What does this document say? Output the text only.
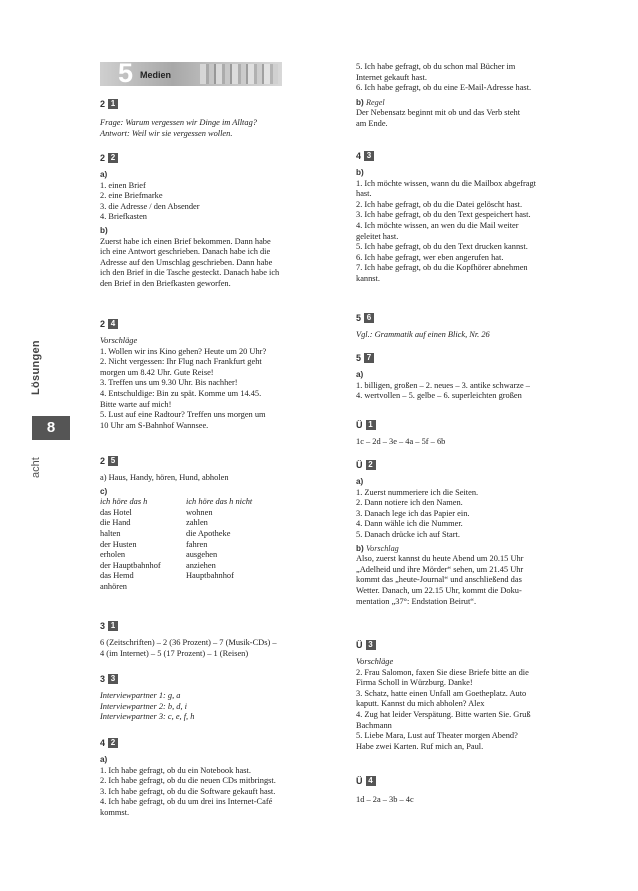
Lösungen
8
acht
5 Medien
2 1
Frage: Warum vergessen wir Dinge im Alltag?
Antwort: Weil wir sie vergessen wollen.
2 2
a)
1. einen Brief
2. eine Briefmarke
3. die Adresse / den Absender
4. Briefkasten
b)
Zuerst habe ich einen Brief bekommen. Dann habe
ich eine Antwort geschrieben. Danach habe ich die
Adresse auf den Umschlag geschrieben. Dann habe
ich den Brief in die Tasche gesteckt. Danach habe ich
den Brief in den Briefkasten geworfen.
2 4
Vorschläge
1. Wollen wir ins Kino gehen? Heute um 20 Uhr?
2. Nicht vergessen: Ihr Flug nach Frankfurt geht
morgen um 8.42 Uhr. Gute Reise!
3. Treffen uns um 9.30 Uhr. Bis nachher!
4. Entschuldige: Bin zu spät. Komme um 14.45.
Bitte warte auf mich!
5. Lust auf eine Radtour? Treffen uns morgen um
10 Uhr am S-Bahnhof Wannsee.
2 5
a) Haus, Handy, hören, Hund, abholen
c)
ich höre das h	ich höre das h nicht
das Hotel	wohnen
die Hand	zahlen
halten	die Apotheke
der Husten	fahren
erholen	ausgehen
der Hauptbahnhof	anziehen
das Hemd	Hauptbahnhof
anhören
3 1
6 (Zeitschriften) – 2 (36 Prozent) – 7 (Musik-CDs) –
4 (im Internet) – 5 (17 Prozent) – 1 (Reisen)
3 3
Interviewpartner 1: g, a
Interviewpartner 2: b, d, i
Interviewpartner 3: c, e, f, h
4 2
a)
1. Ich habe gefragt, ob du ein Notebook hast.
2. Ich habe gefragt, ob du die neuen CDs mitbringst.
3. Ich habe gefragt, ob du die Software gekauft hast.
4. Ich habe gefragt, ob du um drei ins Internet-Café
kommst.
5. Ich habe gefragt, ob du schon mal Bücher im
Internet gekauft hast.
6. Ich habe gefragt, ob du eine E-Mail-Adresse hast.
b) Regel
Der Nebensatz beginnt mit ob und das Verb steht
am Ende.
4 3
b)
1. Ich möchte wissen, wann du die Mailbox abgefragt
hast.
2. Ich habe gefragt, ob du die Datei gelöscht hast.
3. Ich habe gefragt, ob du den Text gespeichert hast.
4. Ich möchte wissen, an wen du die Mail weiter
geleitet hast.
5. Ich habe gefragt, ob du den Text drucken kannst.
6. Ich habe gefragt, wer eben angerufen hat.
7. Ich habe gefragt, ob du die Kopfhörer abnehmen
kannst.
5 6
Vgl.: Grammatik auf einen Blick, Nr. 26
5 7
a)
1. billigen, großen – 2. neues – 3. antike schwarze –
4. wertvollen – 5. gelbe – 6. superleichten großen
Ü 1
1c – 2d – 3e – 4a – 5f – 6b
Ü 2
a)
1. Zuerst nummeriere ich die Seiten.
2. Dann notiere ich den Namen.
3. Danach lege ich das Papier ein.
4. Dann wähle ich die Nummer.
5. Danach drücke ich auf Start.
b) Vorschlag
Also, zuerst kannst du heute Abend um 20.15 Uhr
„Adelheid und ihre Mörder“ sehen, um 21.45 Uhr
kommt das „heute-Journal“ und anschließend das
Wetter. Danach, um 22.15 Uhr, kommt die Doku-
mentation „37°: Endstation Beirut“.
Ü 3
Vorschläge
2. Frau Salomon, faxen Sie diese Briefe bitte an die
Firma Scholl in Würzburg. Danke!
3. Schatz, hatte einen Unfall am Goetheplatz. Auto
kaputt. Kannst du mich abholen? Alex
4. Zug hat leider Verspätung. Bitte warten Sie. Gruß
Bachmann
5. Liebe Mara, Lust auf Theater morgen Abend?
Habe zwei Karten. Ruf mich an, Paul.
Ü 4
1d – 2a – 3b – 4c
